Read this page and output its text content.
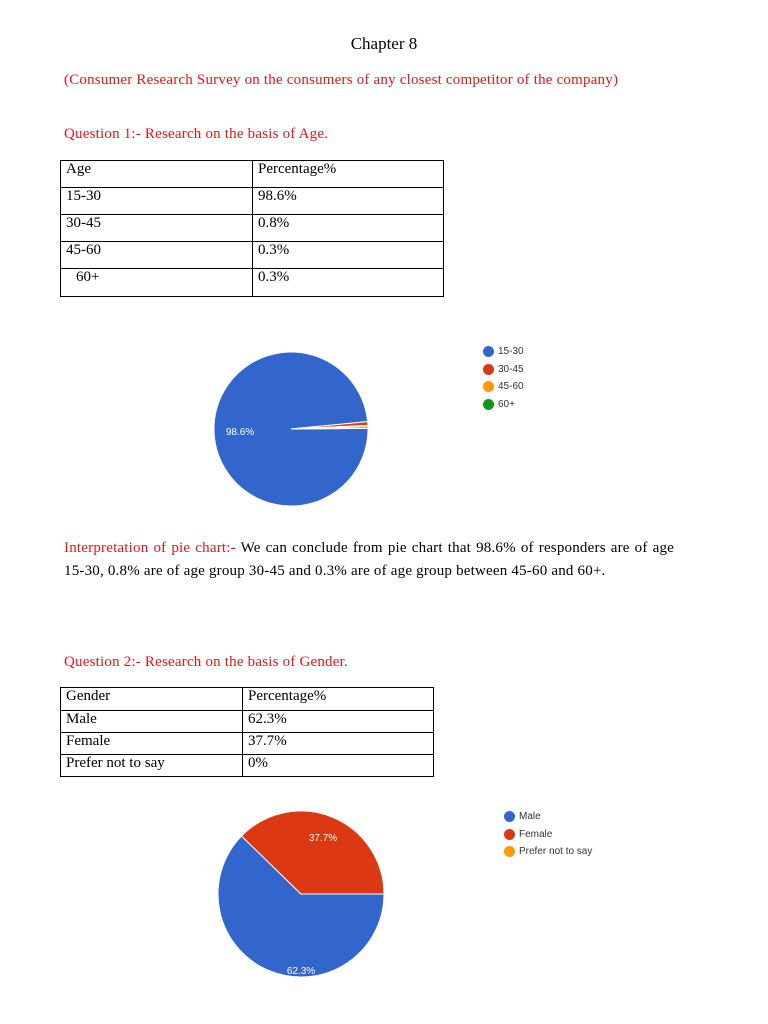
Chapter 8
(Consumer Research Survey on the consumers of any closest competitor of the company)
Question 1:- Research on the basis of Age.
Age	Percentage%
15-30	98.6%
30-45	0.8%
45-60	0.3%
60+	0.3%
98.6%
15-30
30-45
45-60
60+
Interpretation of pie chart:- We can conclude from pie chart that 98.6% of responders are of age 15-30, 0.8% are of age group 30-45 and 0.3% are of age group between 45-60 and 60+.
Question 2:- Research on the basis of Gender.
Gender	Percentage%
Male	62.3%
Female	37.7%
Prefer not to say	0%
62.3%
37.7%
Male
Female
Prefer not to say
